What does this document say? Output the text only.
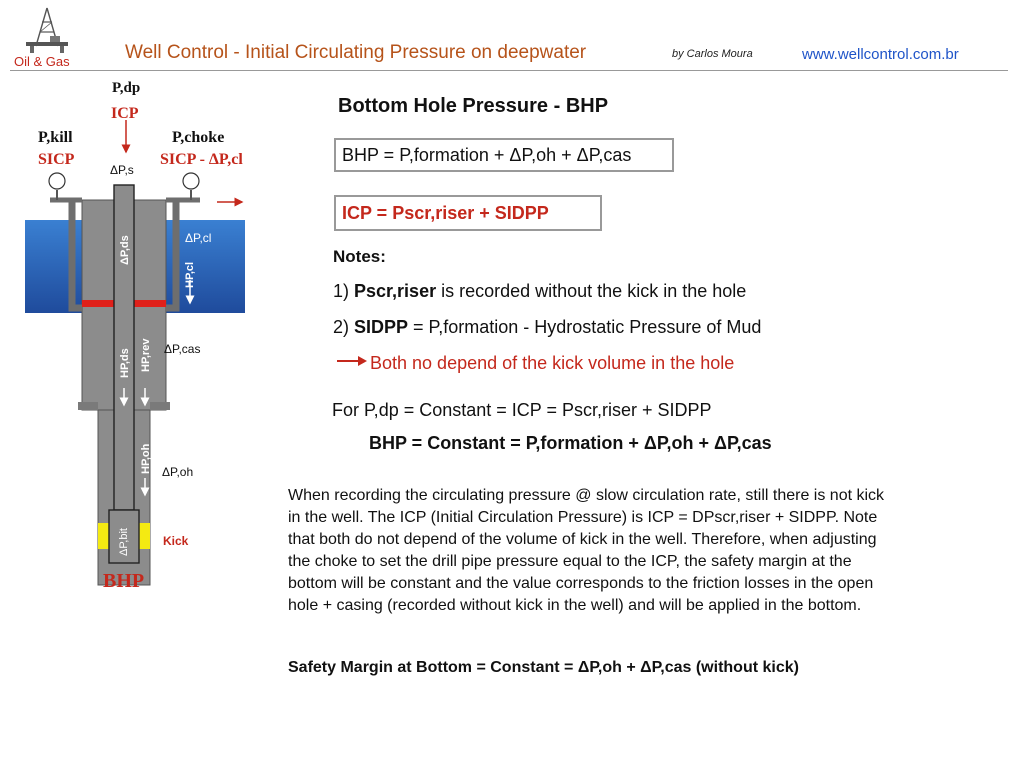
Oil & Gas	Well Control - Initial Circulating Pressure on deepwater	by Carlos Moura	www.wellcontrol.com.br
P,dp
ICP
P,kill
SICP
P,choke
SICP - ΔP,cl
ΔP,s
ΔP,ds
HP,cl
HP,ds HP,rev
HP,oh
ΔP,bit
ΔP,cl
ΔP,cas
ΔP,oh
Kick
BHP
Bottom Hole Pressure - BHP
BHP = P,formation + ΔP,oh + ΔP,cas
ICP = Pscr,riser + SIDPP
Notes:
1) Pscr,riser is recorded without the kick in the hole
2) SIDPP = P,formation - Hydrostatic Pressure of Mud
Both no depend of the kick volume in the hole
For P,dp = Constant = ICP = Pscr,riser + SIDPP
BHP = Constant = P,formation + ΔP,oh + ΔP,cas
When recording the circulating pressure @ slow circulation rate, still there is not kick in the well. The ICP (Initial Circulation Pressure) is ICP = DPscr,riser + SIDPP. Note that both do not depend of the volume of kick in the well. Therefore, when adjusting the choke to set the drill pipe pressure equal to the ICP, the safety margin at the bottom will be constant and the value corresponds to the friction losses in the open hole + casing (recorded without kick in the well) and will be applied in the bottom.
Safety Margin at Bottom = Constant = ΔP,oh + ΔP,cas (without kick)
